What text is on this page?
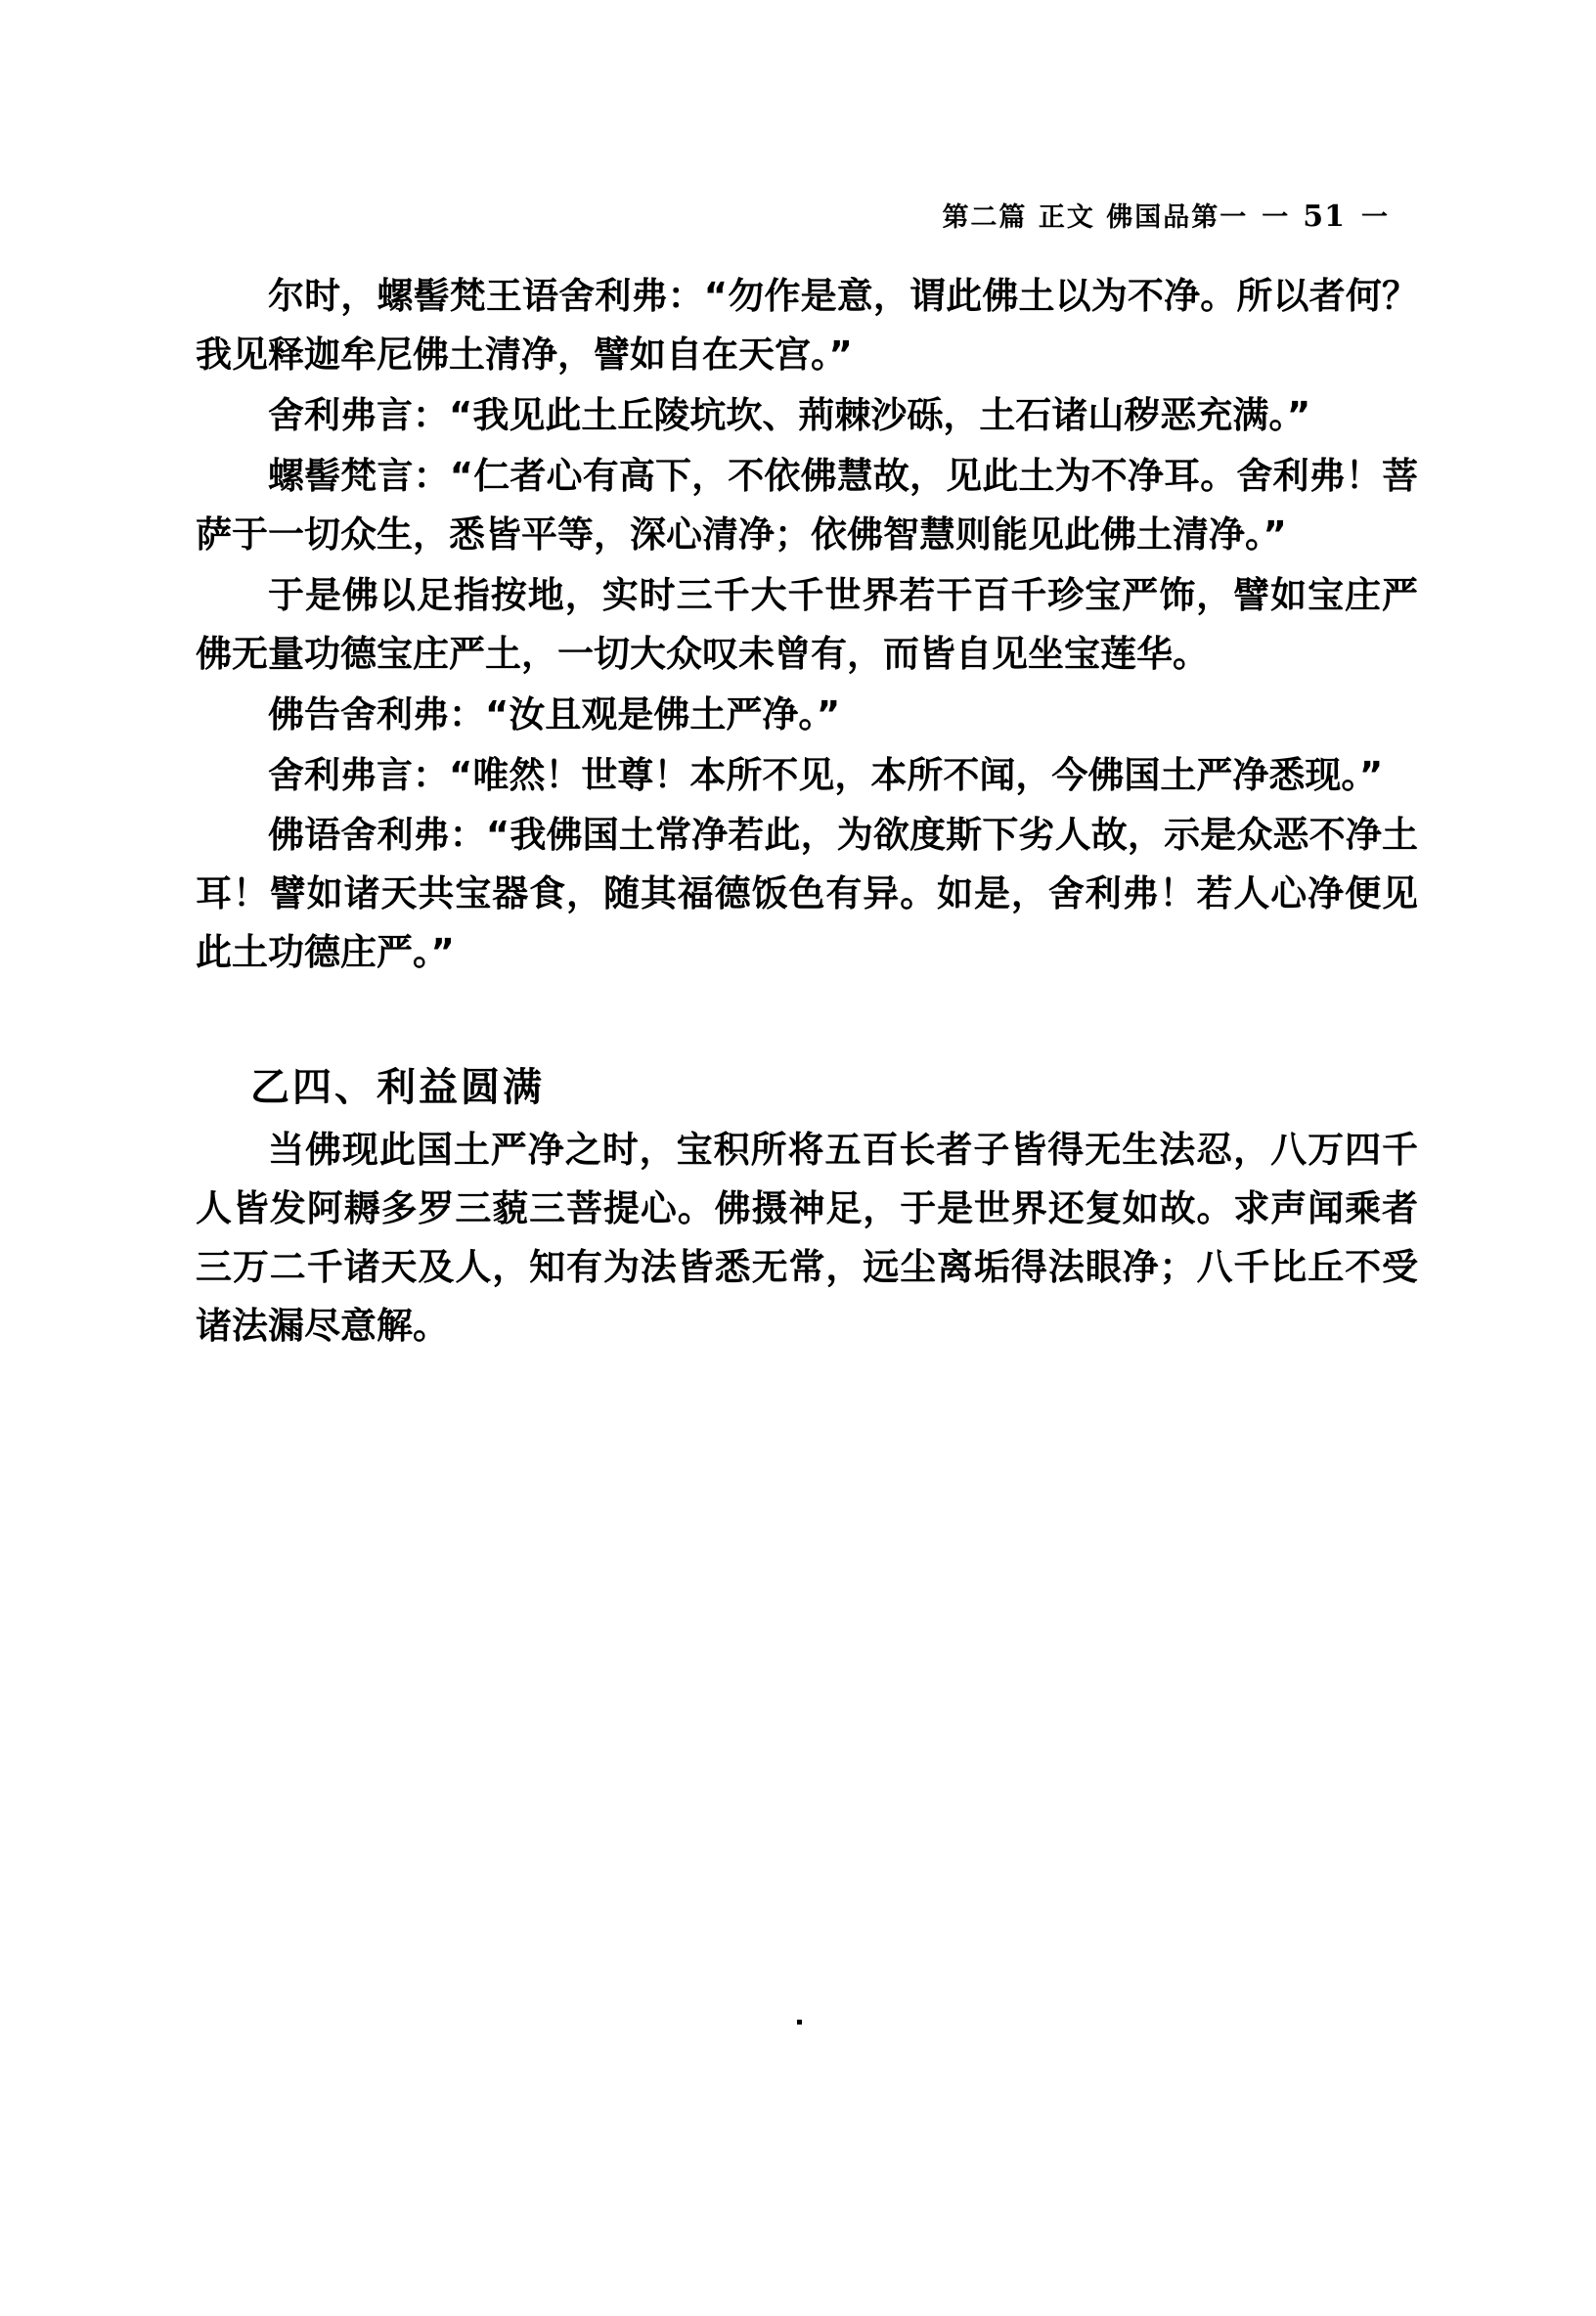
第二篇 正文 佛国品第一 一 51 一

尔时，螺髻梵王语舍利弗：“勿作是意，谓此佛土以为不净。所以者何？我见释迦牟尼佛土清净，譬如自在天宫。”

舍利弗言：“我见此土丘陵坑坎、荊棘沙砾，土石诸山秽恶充满。”

螺髻梵言：“仁者心有高下，不依佛慧故，见此土为不净耳。舍利弗！菩萨于一切众生，悉皆平等，深心清净；依佛智慧则能见此佛土清净。”

于是佛以足指按地，实时三千大千世界若干百千珍宝严饰，譬如宝庄严佛无量功德宝庄严土，一切大众叹未曾有，而皆自见坐宝莲华。

佛告舍利弗：“汝且观是佛土严净。”

舍利弗言：“唯然！世尊！本所不见，本所不闻，今佛国土严净悉现。”

佛语舍利弗：“我佛国土常净若此，为欲度斯下劣人故，示是众恶不净土耳！譬如诸天共宝器食，随其福德饭色有异。如是，舍利弗！若人心净便见此土功德庄严。”

乙四、利益圆满

当佛现此国土严净之时，宝积所将五百长者子皆得无生法忍，八万四千人皆发阿耨多罗三藐三菩提心。佛摄神足，于是世界还复如故。求声闻乘者三万二千诸天及人，知有为法皆悉无常，远尘离垢得法眼净；八千比丘不受诸法漏尽意解。
